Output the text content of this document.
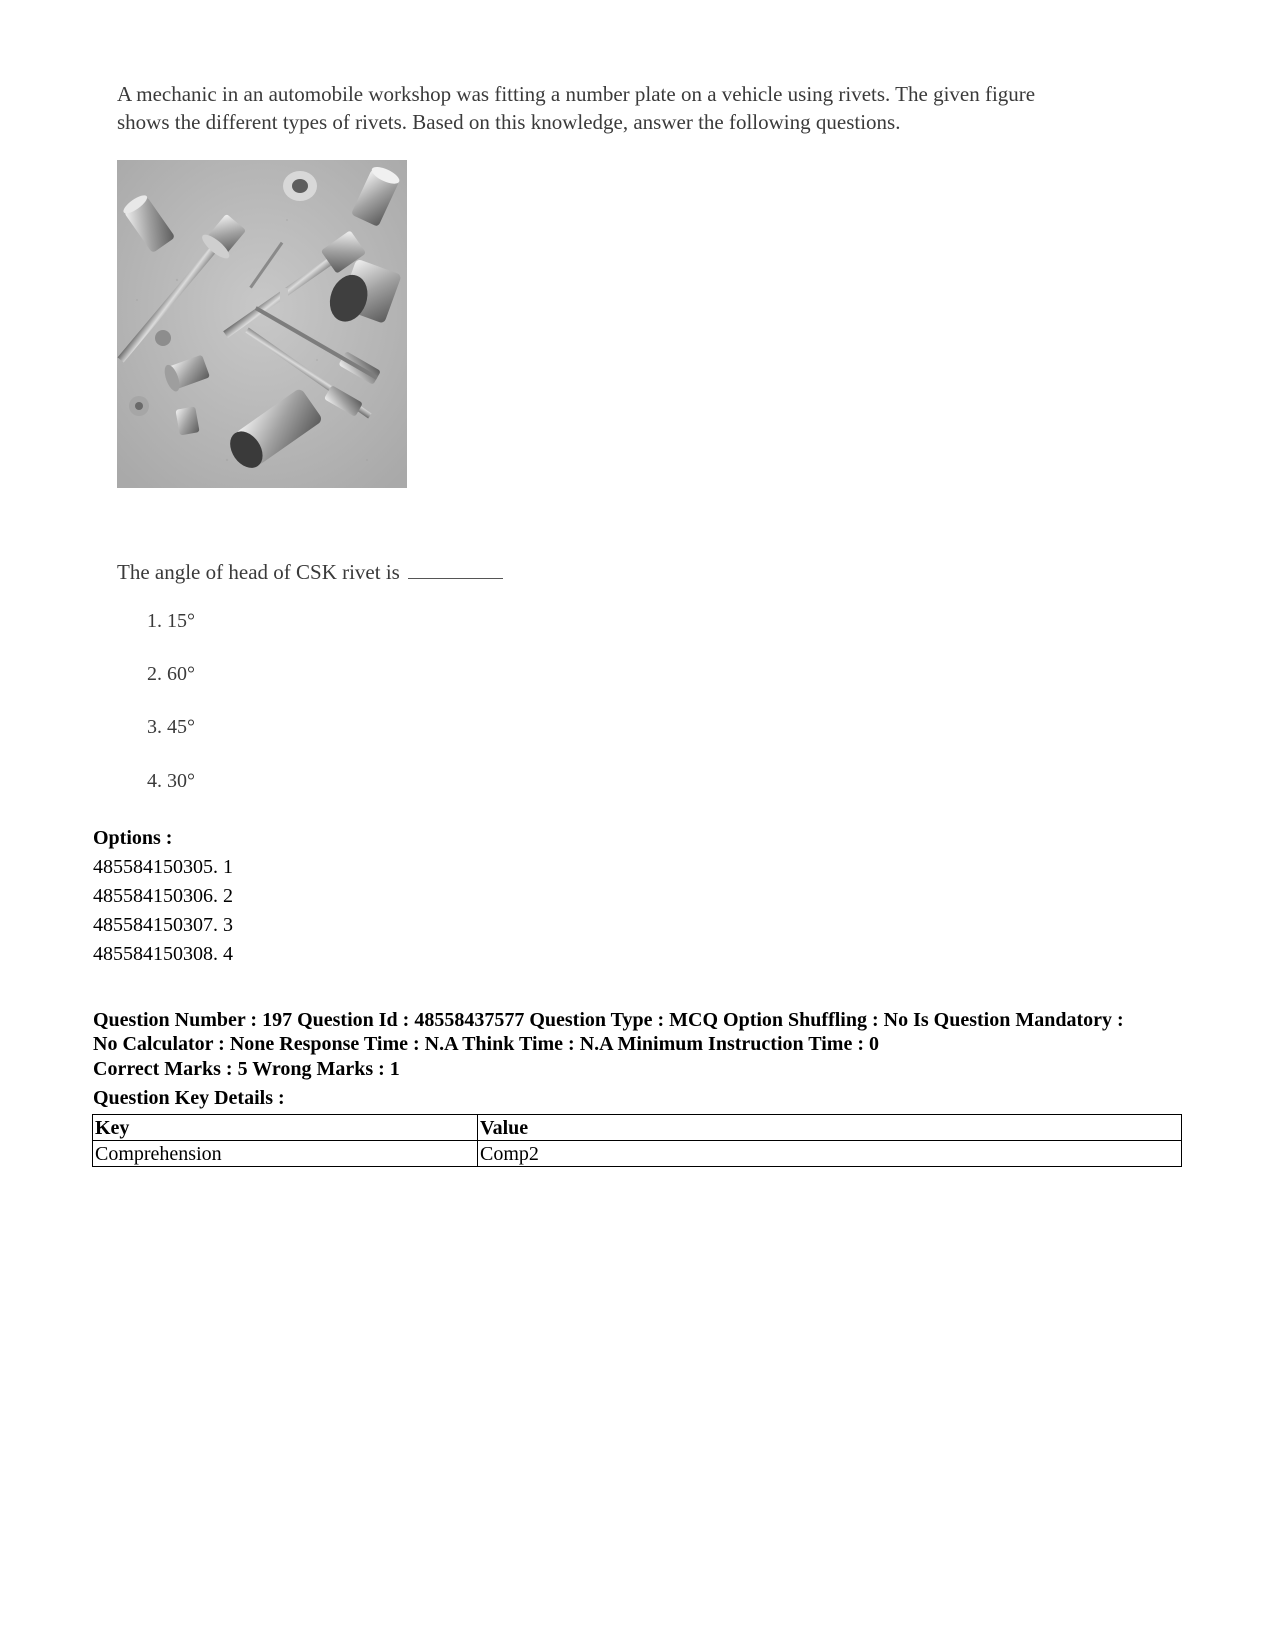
A mechanic in an automobile workshop was fitting a number plate on a vehicle using rivets. The given figure

shows the different types of rivets. Based on this knowledge, answer the following questions.

The angle of head of CSK rivet is
1. 15°
2. 60°
3. 45°
4. 30°
Options :
485584150305. 1
485584150306. 2
485584150307. 3
485584150308. 4
Question Number : 197 Question Id : 48558437577 Question Type : MCQ Option Shuffling : No Is Question Mandatory :
No Calculator : None Response Time : N.A Think Time : N.A Minimum Instruction Time : 0
Correct Marks : 5 Wrong Marks : 1
Question Key Details :
Key	Value
Comprehension	Comp2
